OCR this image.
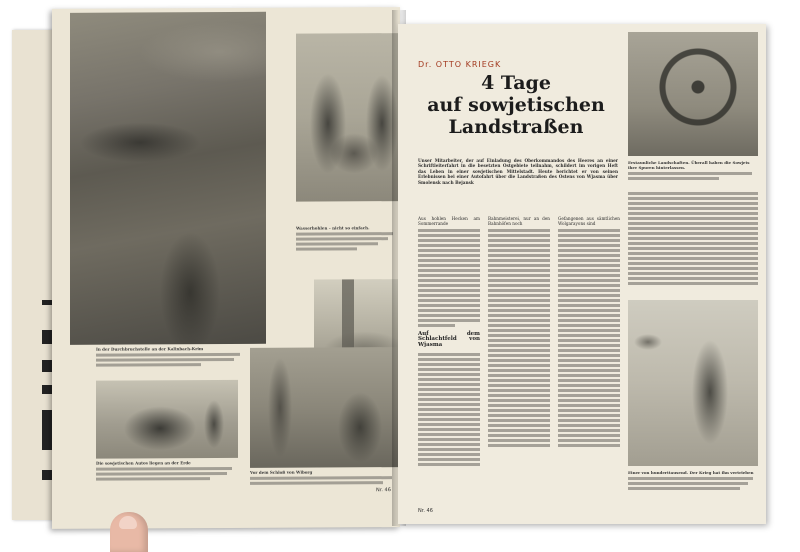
Wasserhohlen – nicht so einfach.
Vor dem Schloß von Wiborg
Nr. 46
In der Durchbruchstelle an der Kalinbach-Krim
Die sowjetischen Autos liegen an der Erde
Dr. OTTO KRIEGK
4 Tage
auf sowjetischen
Landstraßen
Erstaunliche Landschaften. Überall haben die Sowjets ihre Spuren hinterlassen.
Unser Mitarbeiter, der auf Einladung des Oberkommandos des Heeres an einer Schriftleiterfahrt in die besetzten Ostgebiete teilnahm, schildert im vorigen Heft das Leben in einer sowjetischen Mittelstadt. Heute berichtet er von seinen Erlebnissen bei einer Autofahrt über die Landstraßen des Ostens von Wjasma über Smolensk nach Bejansk
Aus hohlen Hecken am Sommerrande
Auf dem Schlachtfeld von Wjasma
Nr. 46
Bahnmeisterei, nur an den Bahnhöfen noch
Gefangenen aus sämtlichen Wolgarayons sind
Einer von hunderttausend. Der Krieg hat ihn vertrieben
